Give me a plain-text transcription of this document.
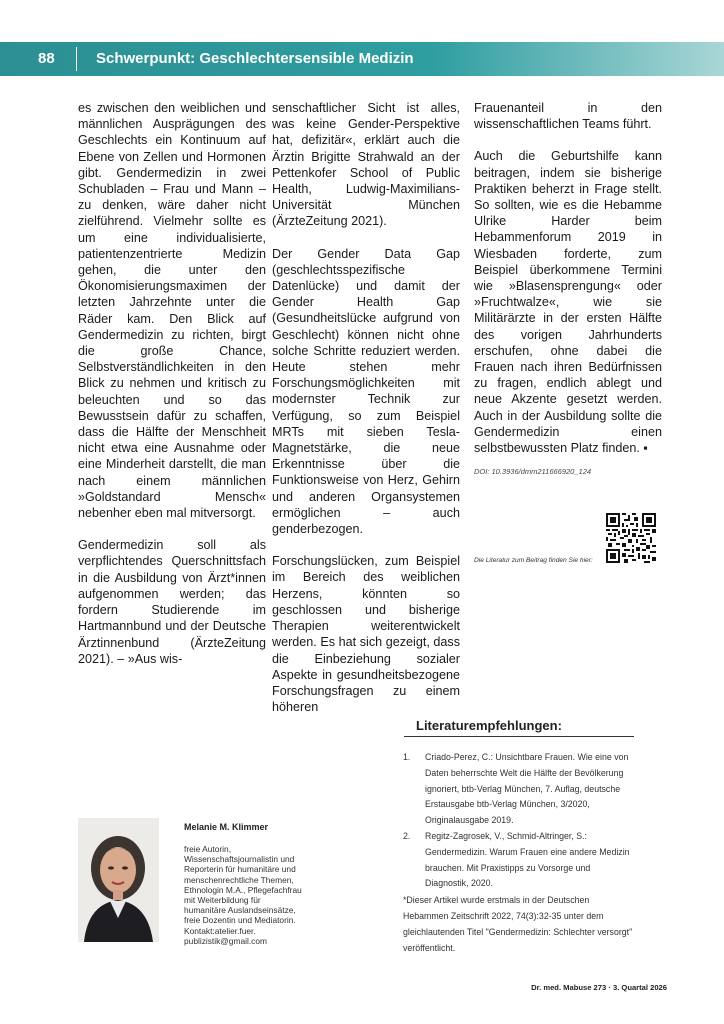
88	Schwerpunkt: Geschlechtersensible Medizin

es zwischen den weiblichen und männlichen Ausprägungen des Geschlechts ein Kontinuum auf Ebene von Zellen und Hormonen gibt. Gendermedizin in zwei Schubladen – Frau und Mann – zu denken, wäre daher nicht zielführend. Vielmehr sollte es um eine individualisierte, patientenzentrierte Medizin gehen, die unter den Ökonomisierungsmaximen der letzten Jahrzehnte unter die Räder kam. Den Blick auf Gendermedizin zu richten, birgt die große Chance, Selbstverständlichkeiten in den Blick zu nehmen und kritisch zu beleuchten und so das Bewusstsein dafür zu schaffen, dass die Hälfte der Menschheit nicht etwa eine Ausnahme oder eine Minderheit darstellt, die man nach einem männlichen »Goldstandard Mensch« nebenher eben mal mitversorgt.

Gendermedizin soll als verpflichtendes Querschnittsfach in die Ausbildung von Ärzt*innen aufgenommen werden; das fordern Studierende im Hartmannbund und der Deutsche Ärztinnenbund (ÄrzteZeitung 2021). – »Aus wis-

senschaftlicher Sicht ist alles, was keine Gender-Perspektive hat, defizitär«, erklärt auch die Ärztin Brigitte Strahwald an der Pettenkofer School of Public Health, Ludwig-Maximilians-Universität München (ÄrzteZeitung 2021).

Der Gender Data Gap (geschlechtsspezifische Datenlücke) und damit der Gender Health Gap (Gesundheitslücke aufgrund von Geschlecht) können nicht ohne solche Schritte reduziert werden. Heute stehen mehr Forschungsmöglichkeiten mit modernster Technik zur Verfügung, so zum Beispiel MRTs mit sieben Tesla-Magnetstärke, die neue Erkenntnisse über die Funktionsweise von Herz, Gehirn und anderen Organsystemen ermöglichen – auch genderbezogen.

Forschungslücken, zum Beispiel im Bereich des weiblichen Herzens, könnten so geschlossen und bisherige Therapien weiterentwickelt werden. Es hat sich gezeigt, dass die Einbeziehung sozialer Aspekte in gesundheitsbezogene Forschungsfragen zu einem höheren

Frauenanteil in den wissenschaftlichen Teams führt.

Auch die Geburtshilfe kann beitragen, indem sie bisherige Praktiken beherzt in Frage stellt. So sollten, wie es die Hebamme Ulrike Harder beim Hebammenforum 2019 in Wiesbaden forderte, zum Beispiel überkommene Termini wie »Blasensprengung« oder »Fruchtwalze«, wie sie Militärärzte in der ersten Hälfte des vorigen Jahrhunderts erschufen, ohne dabei die Frauen nach ihren Bedürfnissen zu fragen, endlich ablegt und neue Akzente gesetzt werden. Auch in der Ausbildung sollte die Gendermedizin einen selbstbewussten Platz finden. ▪

DOI: 10.3936/dmm211666920_124
Die Literatur zum Beitrag finden Sie hier:
Literaturempfehlungen:
1.	Criado-Perez, C.: Unsichtbare Frauen. Wie eine von Daten beherrschte Welt die Hälfte der Bevölkerung ignoriert, btb-Verlag München, 7. Auflag, deutsche Erstausgabe btb-Verlag München, 3/2020, Originalausgabe 2019.
2.	Regitz-Zagrosek, V., Schmid-Altringer, S.: Gendermedizin. Warum Frauen eine andere Medizin brauchen. Mit Praxistipps zu Vorsorge und Diagnostik, 2020.
*Dieser Artikel wurde erstmals in der Deutschen Hebammen Zeitschrift 2022, 74(3):32-35 unter dem gleichlautenden Titel "Gendermedizin: Schlechter versorgt" veröffentlicht.
Melanie M. Klimmer
freie Autorin,
Wissenschaftsjournalistin und
Reporterin für humanitäre und
menschenrechtliche Themen,
Ethnologin M.A., Pflegefachfrau
mit Weiterbildung für
humanitäre Auslandseinsätze,
freie Dozentin und Mediatorin.
Kontakt:atelier.fuer.
publizistik@gmail.com
Dr. med. Mabuse 273 · 3. Quartal 2026
